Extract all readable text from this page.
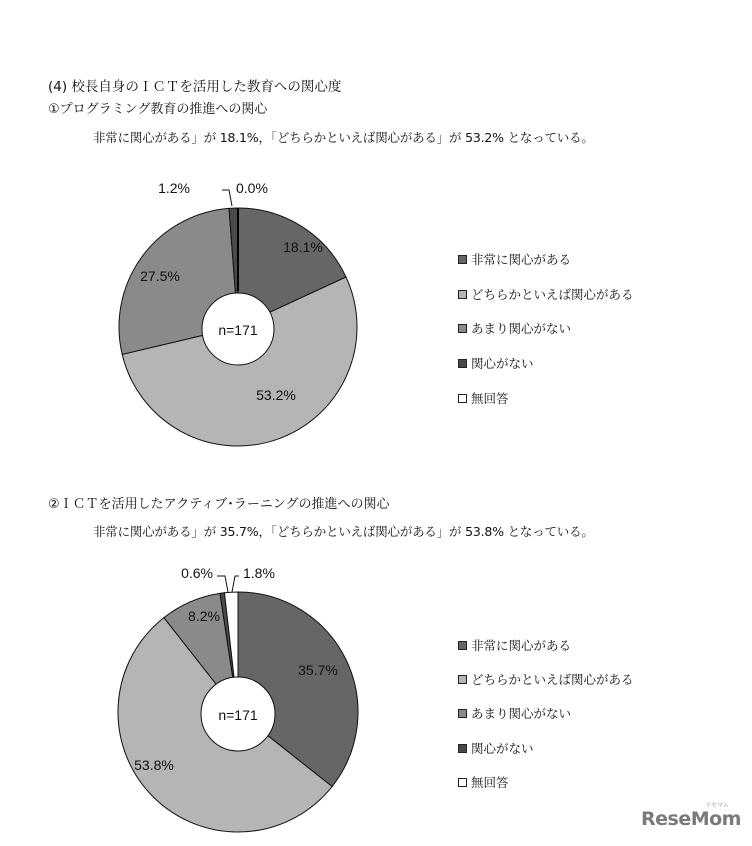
(4) 校長自身のＩＣＴを活用した教育への関心度
①プログラミング教育の推進への関心
非常に関心がある」が 18.1%，「どちらかといえば関心がある」が 53.2% となっている。
②ＩＣＴを活用したアクティブ･ラーニングの推進への関心
非常に関心がある」が 35.7%，「どちらかといえば関心がある」が 53.8% となっている。
n=171
18.1%
53.2%
27.5%
1.2%	0.0%
n=171
35.7%
53.8%
8.2%
0.6% 1.8%
非常に関心がある
どちらかといえば関心がある
あまり関心がない
関心がない
無回答
非常に関心がある
どちらかといえば関心がある
あまり関心がない
関心がない
無回答
ReseMom
リセマム
